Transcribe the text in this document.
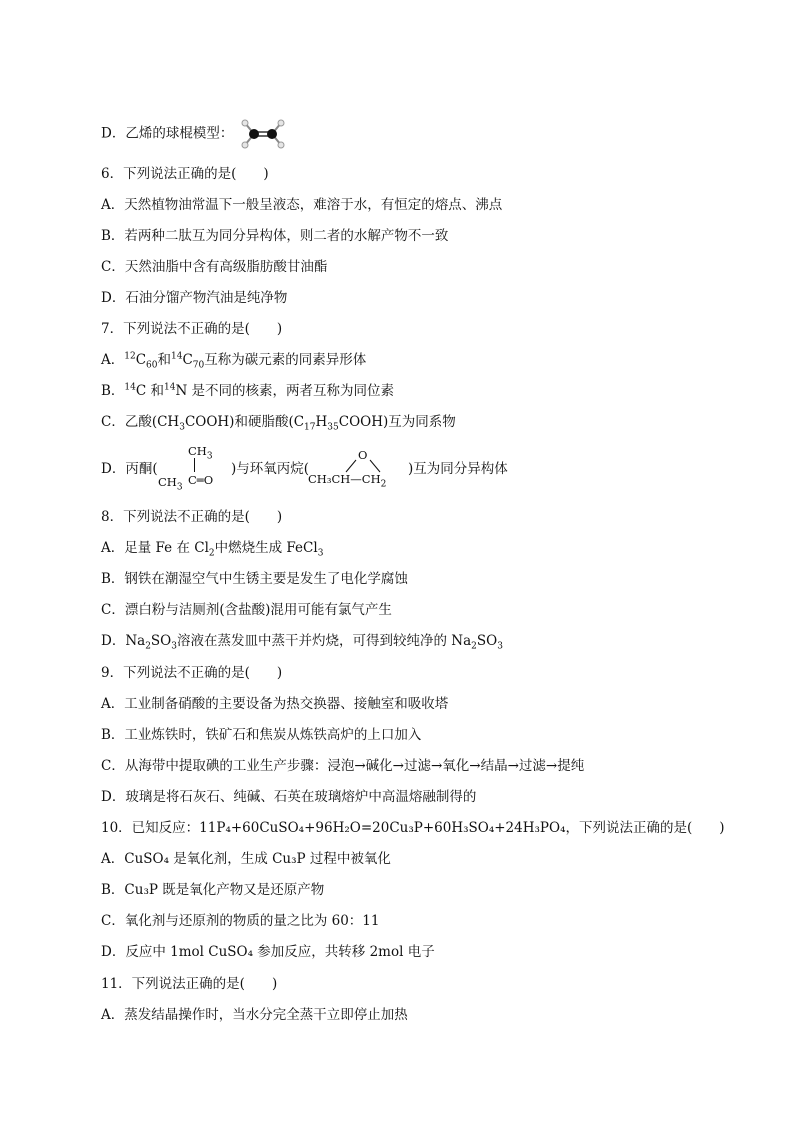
D．乙烯的球棍模型：
6．下列说法正确的是(　　)
A．天然植物油常温下一般呈液态，难溶于水，有恒定的熔点、沸点
B．若两种二肽互为同分异构体，则二者的水解产物不一致
C．天然油脂中含有高级脂肪酸甘油酯
D．石油分馏产物汽油是纯净物
7．下列说法不正确的是(　　)
A．$^{12}C_{60}$和$^{14}C_{70}$互称为碳元素的同素异形体
B．$^{14}$C 和$^{14}$N 是不同的核素，两者互称为同位素
C．乙酸$(CH_3COOH)$和硬脂酸$(C_{17}H_{35}COOH)$互为同系物
D．丙酮(
$CH_3$
$CH_3$
C═O
)与环氧丙烷(
O
$CH_3CH—CH_2$
)互为同分异构体
8．下列说法不正确的是(　　)
A．足量 Fe 在 $Cl_2$中燃烧生成 FeCl$_3$
B．钢铁在潮湿空气中生锈主要是发生了电化学腐蚀
C．漂白粉与洁厕剂(含盐酸)混用可能有氯气产生
D．$Na_2SO_3$溶液在蒸发皿中蒸干并灼烧，可得到较纯净的 $Na_2SO_3$
9．下列说法不正确的是(　　)
A．工业制备硝酸的主要设备为热交换器、接触室和吸收塔
B．工业炼铁时，铁矿石和焦炭从炼铁高炉的上口加入
C．从海带中提取碘的工业生产步骤：浸泡→碱化→过滤→氧化→结晶→过滤→提纯
D．玻璃是将石灰石、纯碱、石英在玻璃熔炉中高温熔融制得的
10．已知反应：11P₄+60CuSO₄+96H₂O=20Cu₃P+60H₃SO₄+24H₃PO₄，下列说法正确的是(　　)
A．CuSO₄ 是氧化剂，生成 Cu₃P 过程中被氧化
B．Cu₃P 既是氧化产物又是还原产物
C．氧化剂与还原剂的物质的量之比为 60：11
D．反应中 1mol CuSO₄ 参加反应，共转移 2mol 电子
11．下列说法正确的是(　　)
A．蒸发结晶操作时，当水分完全蒸干立即停止加热
